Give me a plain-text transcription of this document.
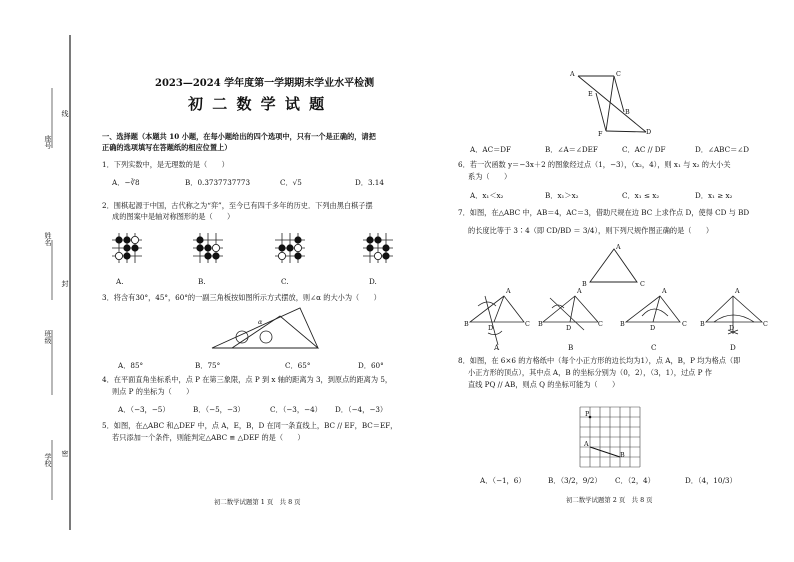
座号
线
姓名
封
班级
学校 密
2023—2024 学年度第一学期期末学业水平检测
初 二 数 学 试 题
一、选择题（本题共 10 小题，在每小题给出的四个选项中，只有一个是正确的，请把
正确的选项填写在答题纸的相应位置上）
1．下列实数中，是无理数的是（　　）
A．−∛8	B．0.3737737773	C．√5	D．3.14
2．围棋起源于中国，古代称之为“弈”，至今已有四千多年的历史．下列由黑白棋子摆
成的图案中是轴对称图形的是（　　）
A.	B.	C.	D.
3．将含有30°，45°，60°的一副三角板按如图所示方式摆放，则∠α 的大小为（　　）
α
A．85°	B．75°	C．65°	D．60°
4．在平面直角坐标系中，点 P 在第三象限，点 P 到 x 轴的距离为 3，到原点的距离为 5，
则点 P 的坐标为（　　）
A．（−3，−5）	B．（−5，−3）	C．（−3，−4） D．（−4，−3）
5．如图，在△ABC 和△DEF 中，点 A，E，B，D 在同一条直线上，BC // EF，BC＝EF，
若只添加一个条件，则能判定△ABC ≌ △DEF 的是（　　）
初二数学试题第 1 页　共 8 页
A	C
E
B
F	D
A．AC＝DF	B．∠A＝∠DEF	C．AC // DF	D．∠ABC＝∠D
6．若一次函数 y＝−3x＋2 的图象经过点（1，−3），（x₂，4），则 x₁ 与 x₂ 的大小关
系为（　　）
A．x₁＜x₂	B．x₁＞x₂	C．x₁ ≤ x₂	D．x₁ ≥ x₂
7．如图，在△ABC 中，AB＝4，AC＝3，借助尺规在边 BC 上求作点 D，使得 CD 与 BD
的长度比等于 3∶4（即 CD/BD ＝ 3/4），则下列尺规作图正确的是（　　）
A
B	C
A
B	C
D
A
B	C
D
A
B	C
D
A
B	C
D
A	B	C	D
8．如图，在 6×6 的方格纸中（每个小正方形的边长均为1），点 A，B，P 均为格点（即
小正方形的顶点），其中点 A，B 的坐标分别为（0，2），（3，1），过点 P 作
直线 PQ // AB，则点 Q 的坐标可能为（　　）
P
A
B
A．（−1，6）	B．（3/2，9/2） C．（2，4）	D．（4，10/3）
初二数学试题第 2 页　共 8 页
